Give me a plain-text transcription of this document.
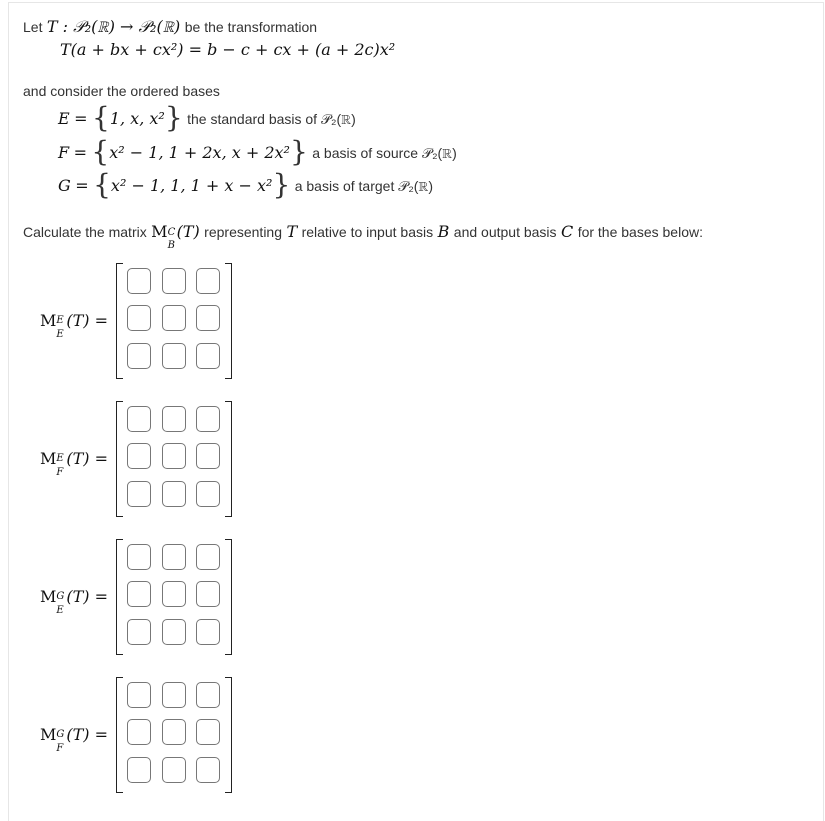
Let T : 𝒫₂(ℝ) → 𝒫₂(ℝ) be the transformation
T(a + bx + cx²) = b − c + cx + (a + 2c)x²
and consider the ordered bases
E = {1, x, x²} the standard basis of 𝒫₂(ℝ)
F = {x² − 1, 1 + 2x, x + 2x²} a basis of source 𝒫₂(ℝ)
G = {x² − 1, 1, 1 + x − x²} a basis of target 𝒫₂(ℝ)
Calculate the matrix M C
B
(T) representing T relative to input basis B and output basis C for the bases below:
M E
E
(T) =
M E
F
(T) =
M G
E
(T) =
M G
F
(T) =
